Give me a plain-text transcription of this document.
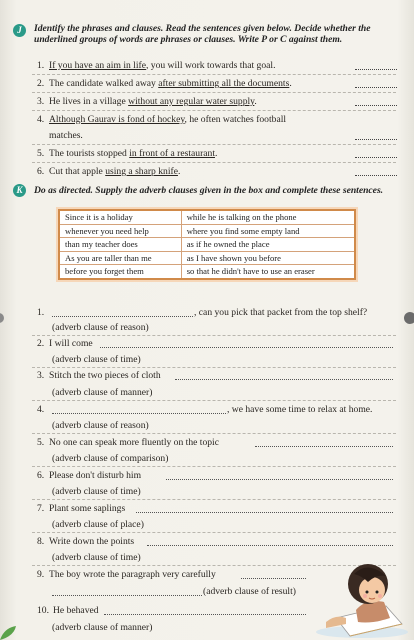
J	Identify the phrases and clauses. Read the sentences given below. Decide whether the underlined groups of words are phrases or clauses. Write P or C against them.
1. If you have an aim in life, you will work towards that goal.
2. The candidate walked away after submitting all the documents.
3. He lives in a village without any regular water supply.
4. Although Gaurav is fond of hockey, he often watches football
matches.
5. The tourists stopped in front of a restaurant.
6. Cut that apple using a sharp knife.
K	Do as directed. Supply the adverb clauses given in the box and complete these sentences.
Since it is a holiday	while he is talking on the phone
whenever you need help	where you find some empty land
than my teacher does	as if he owned the place
As you are taller than me	as I have shown you before
before you forget them	so that he didn't have to use an eraser
1.	, can you pick that packet from the top shelf?
(adverb clause of reason)
2. I will come
(adverb clause of time)
3. Stitch the two pieces of cloth
(adverb clause of manner)
4.	, we have some time to relax at home.
(adverb clause of reason)
5. No one can speak more fluently on the topic
(adverb clause of comparison)
6. Please don't disturb him
(adverb clause of time)
7. Plant some saplings
(adverb clause of place)
8. Write down the points
(adverb clause of time)
9. The boy wrote the paragraph very carefully
(adverb clause of result)
10. He behaved
(adverb clause of manner)
